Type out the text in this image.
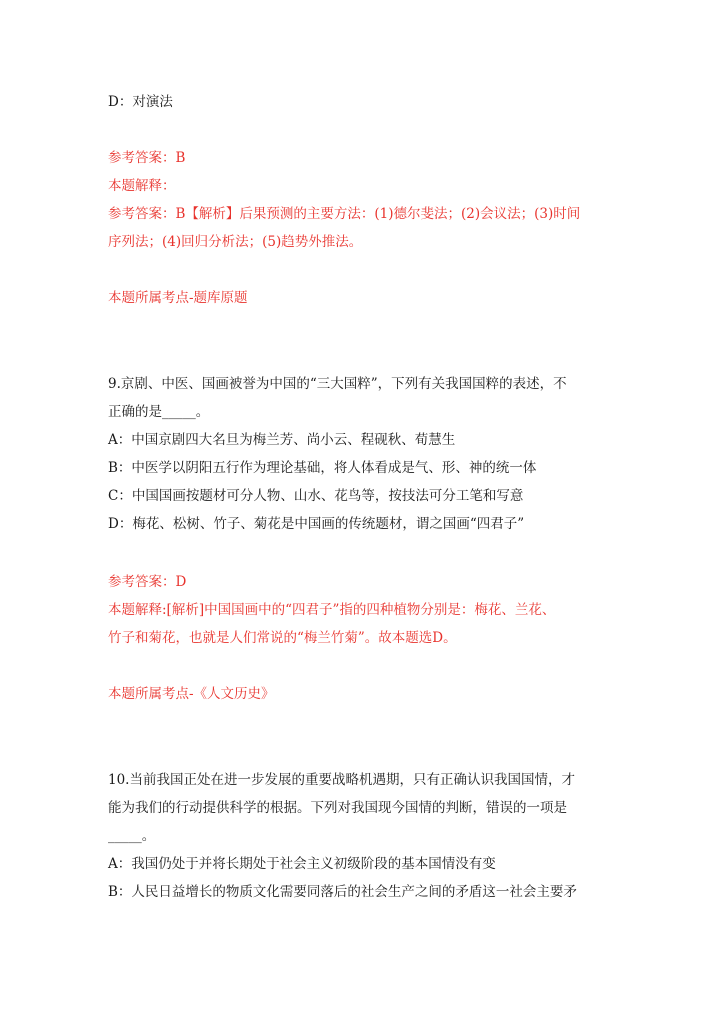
D：对演法
参考答案：B
本题解释：
参考答案：B【解析】后果预测的主要方法：(1)德尔斐法；(2)会议法；(3)时间
序列法；(4)回归分析法；(5)趋势外推法。
本题所属考点-题库原题
9.京剧、中医、国画被誉为中国的“三大国粹”，下列有关我国国粹的表述，不
正确的是_____。
A：中国京剧四大名旦为梅兰芳、尚小云、程砚秋、荀慧生
B：中医学以阴阳五行作为理论基础，将人体看成是气、形、神的统一体
C：中国国画按题材可分人物、山水、花鸟等，按技法可分工笔和写意
D：梅花、松树、竹子、菊花是中国画的传统题材，谓之国画“四君子”
参考答案：D
本题解释:[解析]中国国画中的“四君子”指的四种植物分别是：梅花、兰花、
竹子和菊花，也就是人们常说的“梅兰竹菊”。故本题选D。
本题所属考点-《人文历史》
10.当前我国正处在进一步发展的重要战略机遇期，只有正确认识我国国情，才
能为我们的行动提供科学的根据。下列对我国现今国情的判断，错误的一项是
_____。
A：我国仍处于并将长期处于社会主义初级阶段的基本国情没有变
B：人民日益增长的物质文化需要同落后的社会生产之间的矛盾这一社会主要矛
